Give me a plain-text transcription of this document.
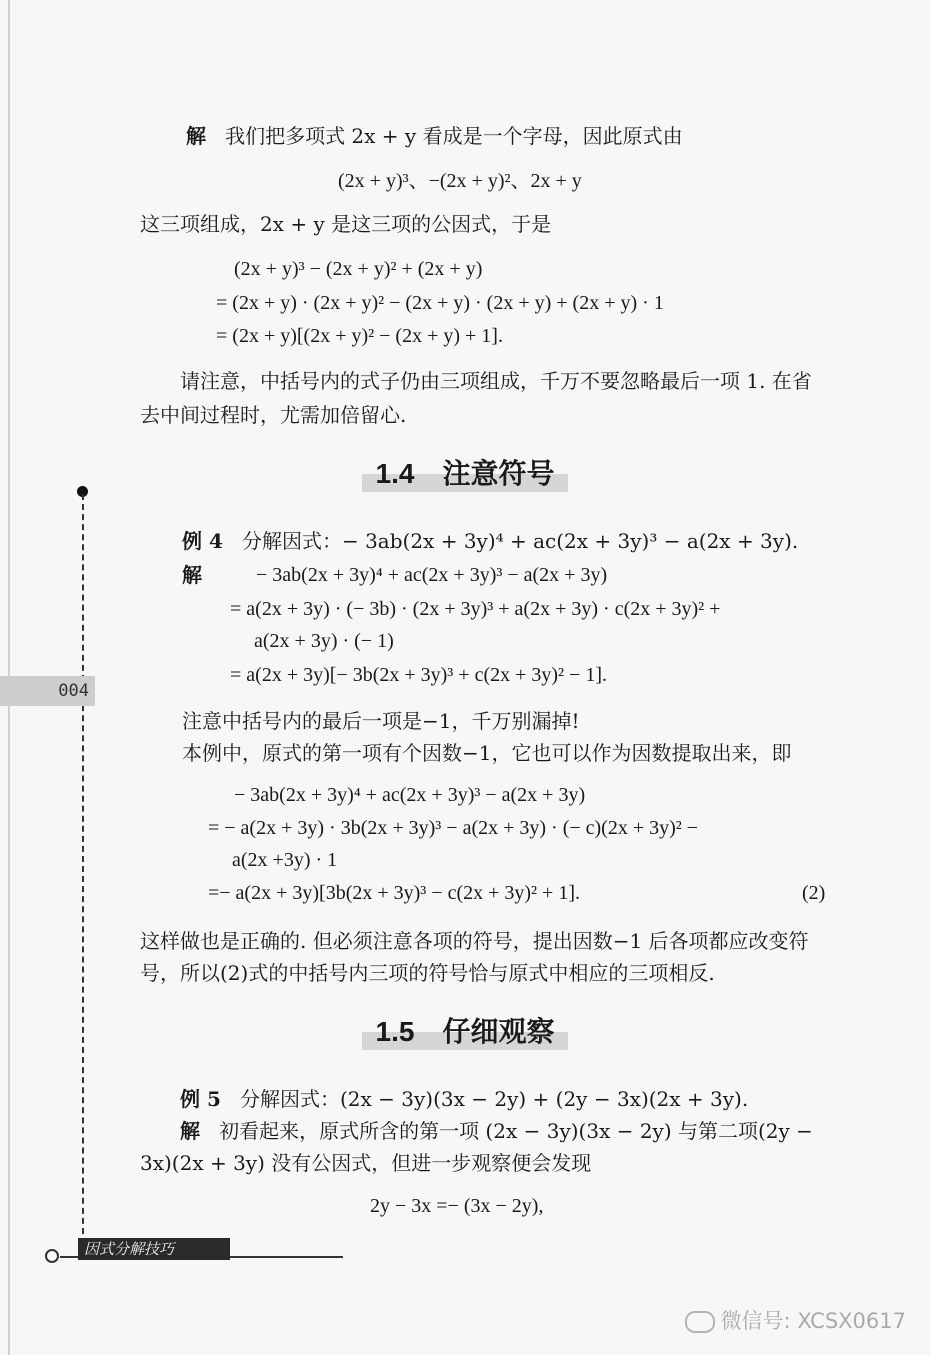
解 我们把多项式 2x + y 看成是一个字母，因此原式由
(2x + y)³、−(2x + y)²、2x + y
这三项组成，2x + y 是这三项的公因式，于是
(2x + y)³ − (2x + y)² + (2x + y)
= (2x + y) · (2x + y)² − (2x + y) · (2x + y) + (2x + y) · 1
= (2x + y)[(2x + y)² − (2x + y) + 1].
请注意，中括号内的式子仍由三项组成，千万不要忽略最后一项 1. 在省
去中间过程时，尤需加倍留心.
1.4　注意符号
例 4 分解因式：− 3ab(2x + 3y)⁴ + ac(2x + 3y)³ − a(2x + 3y).
解	− 3ab(2x + 3y)⁴ + ac(2x + 3y)³ − a(2x + 3y)
= a(2x + 3y) · (− 3b) · (2x + 3y)³ + a(2x + 3y) · c(2x + 3y)² +
a(2x + 3y) · (− 1)
= a(2x + 3y)[− 3b(2x + 3y)³ + c(2x + 3y)² − 1].
注意中括号内的最后一项是−1，千万别漏掉!
本例中，原式的第一项有个因数−1，它也可以作为因数提取出来，即
− 3ab(2x + 3y)⁴ + ac(2x + 3y)³ − a(2x + 3y)
= − a(2x + 3y) · 3b(2x + 3y)³ − a(2x + 3y) · (− c)(2x + 3y)² −
a(2x +3y) · 1
=− a(2x + 3y)[3b(2x + 3y)³ − c(2x + 3y)² + 1].	(2)
这样做也是正确的. 但必须注意各项的符号，提出因数−1 后各项都应改变符
号，所以(2)式的中括号内三项的符号恰与原式中相应的三项相反.
1.5　仔细观察
例 5 分解因式：(2x − 3y)(3x − 2y) + (2y − 3x)(2x + 3y).
解 初看起来，原式所含的第一项 (2x − 3y)(3x − 2y) 与第二项(2y −
3x)(2x + 3y) 没有公因式，但进一步观察便会发现
2y − 3x =− (3x − 2y),
004
因式分解技巧
微信号: XCSX0617
